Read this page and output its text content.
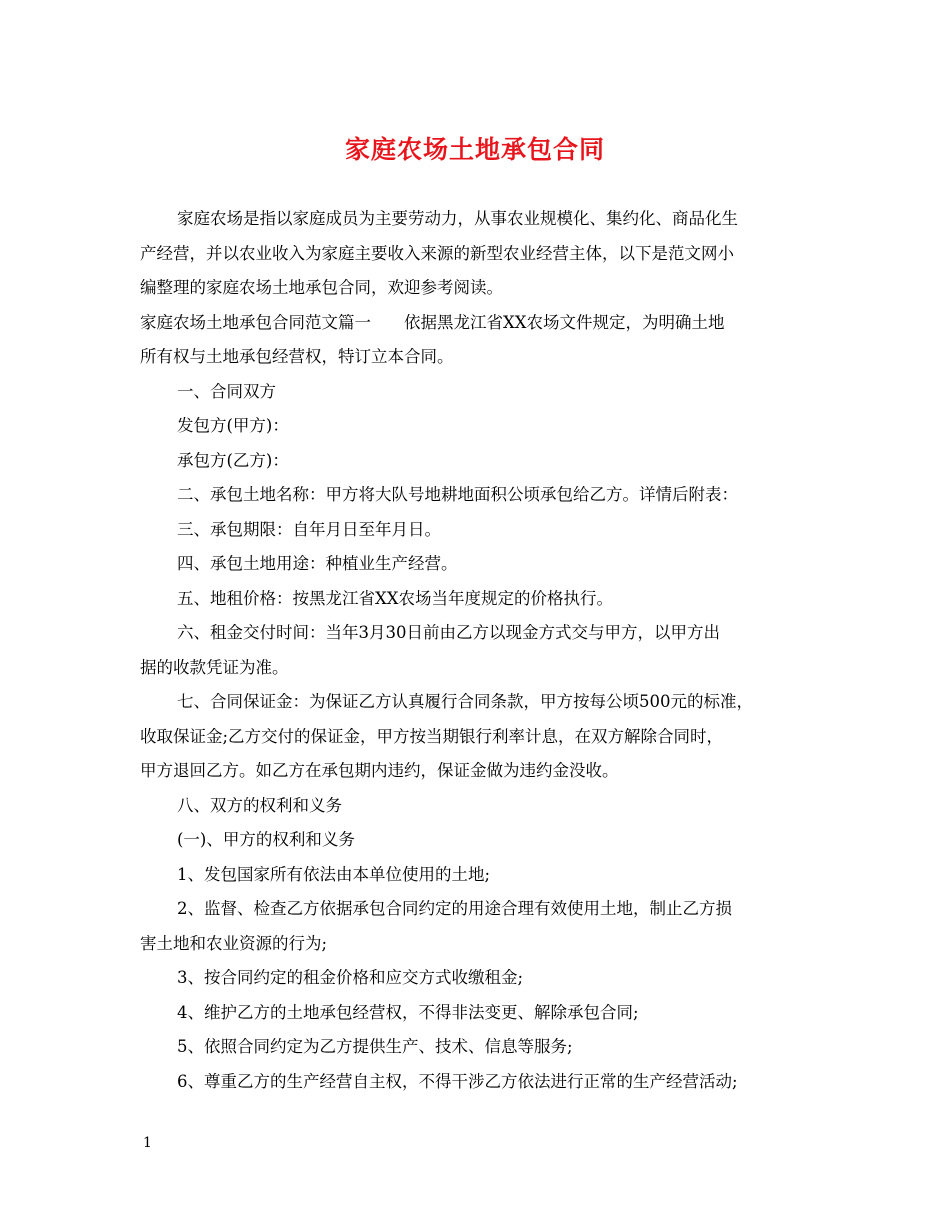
家庭农场土地承包合同

家庭农场是指以家庭成员为主要劳动力，从事农业规模化、集约化、商品化生

产经营，并以农业收入为家庭主要收入来源的新型农业经营主体，以下是范文网小

编整理的家庭农场土地承包合同，欢迎参考阅读。

家庭农场土地承包合同范文篇一　　依据黑龙江省XX农场文件规定，为明确土地

所有权与土地承包经营权，特订立本合同。

一、合同双方

发包方(甲方)：

承包方(乙方)：

二、承包土地名称：甲方将大队号地耕地面积公顷承包给乙方。详情后附表：

三、承包期限：自年月日至年月日。

四、承包土地用途：种植业生产经营。

五、地租价格：按黑龙江省XX农场当年度规定的价格执行。

六、租金交付时间：当年3月30日前由乙方以现金方式交与甲方，以甲方出

据的收款凭证为准。

七、合同保证金：为保证乙方认真履行合同条款，甲方按每公顷500元的标准，

收取保证金;乙方交付的保证金，甲方按当期银行利率计息，在双方解除合同时，

甲方退回乙方。如乙方在承包期内违约，保证金做为违约金没收。

八、双方的权利和义务

(一)、甲方的权利和义务

1、发包国家所有依法由本单位使用的土地;

2、监督、检查乙方依据承包合同约定的用途合理有效使用土地，制止乙方损

害土地和农业资源的行为;

3、按合同约定的租金价格和应交方式收缴租金;

4、维护乙方的土地承包经营权，不得非法变更、解除承包合同;

5、依照合同约定为乙方提供生产、技术、信息等服务;

6、尊重乙方的生产经营自主权，不得干涉乙方依法进行正常的生产经营活动;

1
